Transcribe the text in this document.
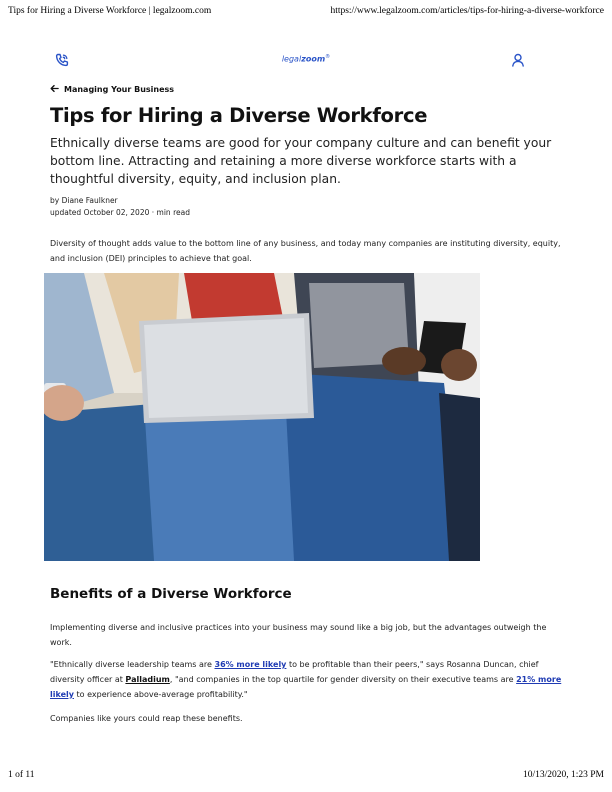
Tips for Hiring a Diverse Workforce | legalzoom.com	https://www.legalzoom.com/articles/tips-for-hiring-a-diverse-workforce
legalzoom®
Managing Your Business
Tips for Hiring a Diverse Workforce

Ethnically diverse teams are good for your company culture and can benefit your bottom line. Attracting and retaining a more diverse workforce starts with a thoughtful diversity, equity, and inclusion plan.

by Diane Faulkner
updated October 02, 2020 · min read

Diversity of thought adds value to the bottom line of any business, and today many companies are instituting diversity, equity, and inclusion (DEI) principles to achieve that goal.

Benefits of a Diverse Workforce

Implementing diverse and inclusive practices into your business may sound like a big job, but the advantages outweigh the work.

"Ethnically diverse leadership teams are 36% more likely to be profitable than their peers," says Rosanna Duncan, chief diversity officer at Palladium, "and companies in the top quartile for gender diversity on their executive teams are 21% more likely to experience above-average profitability."

Companies like yours could reap these benefits.

1 of 11	10/13/2020, 1:23 PM
